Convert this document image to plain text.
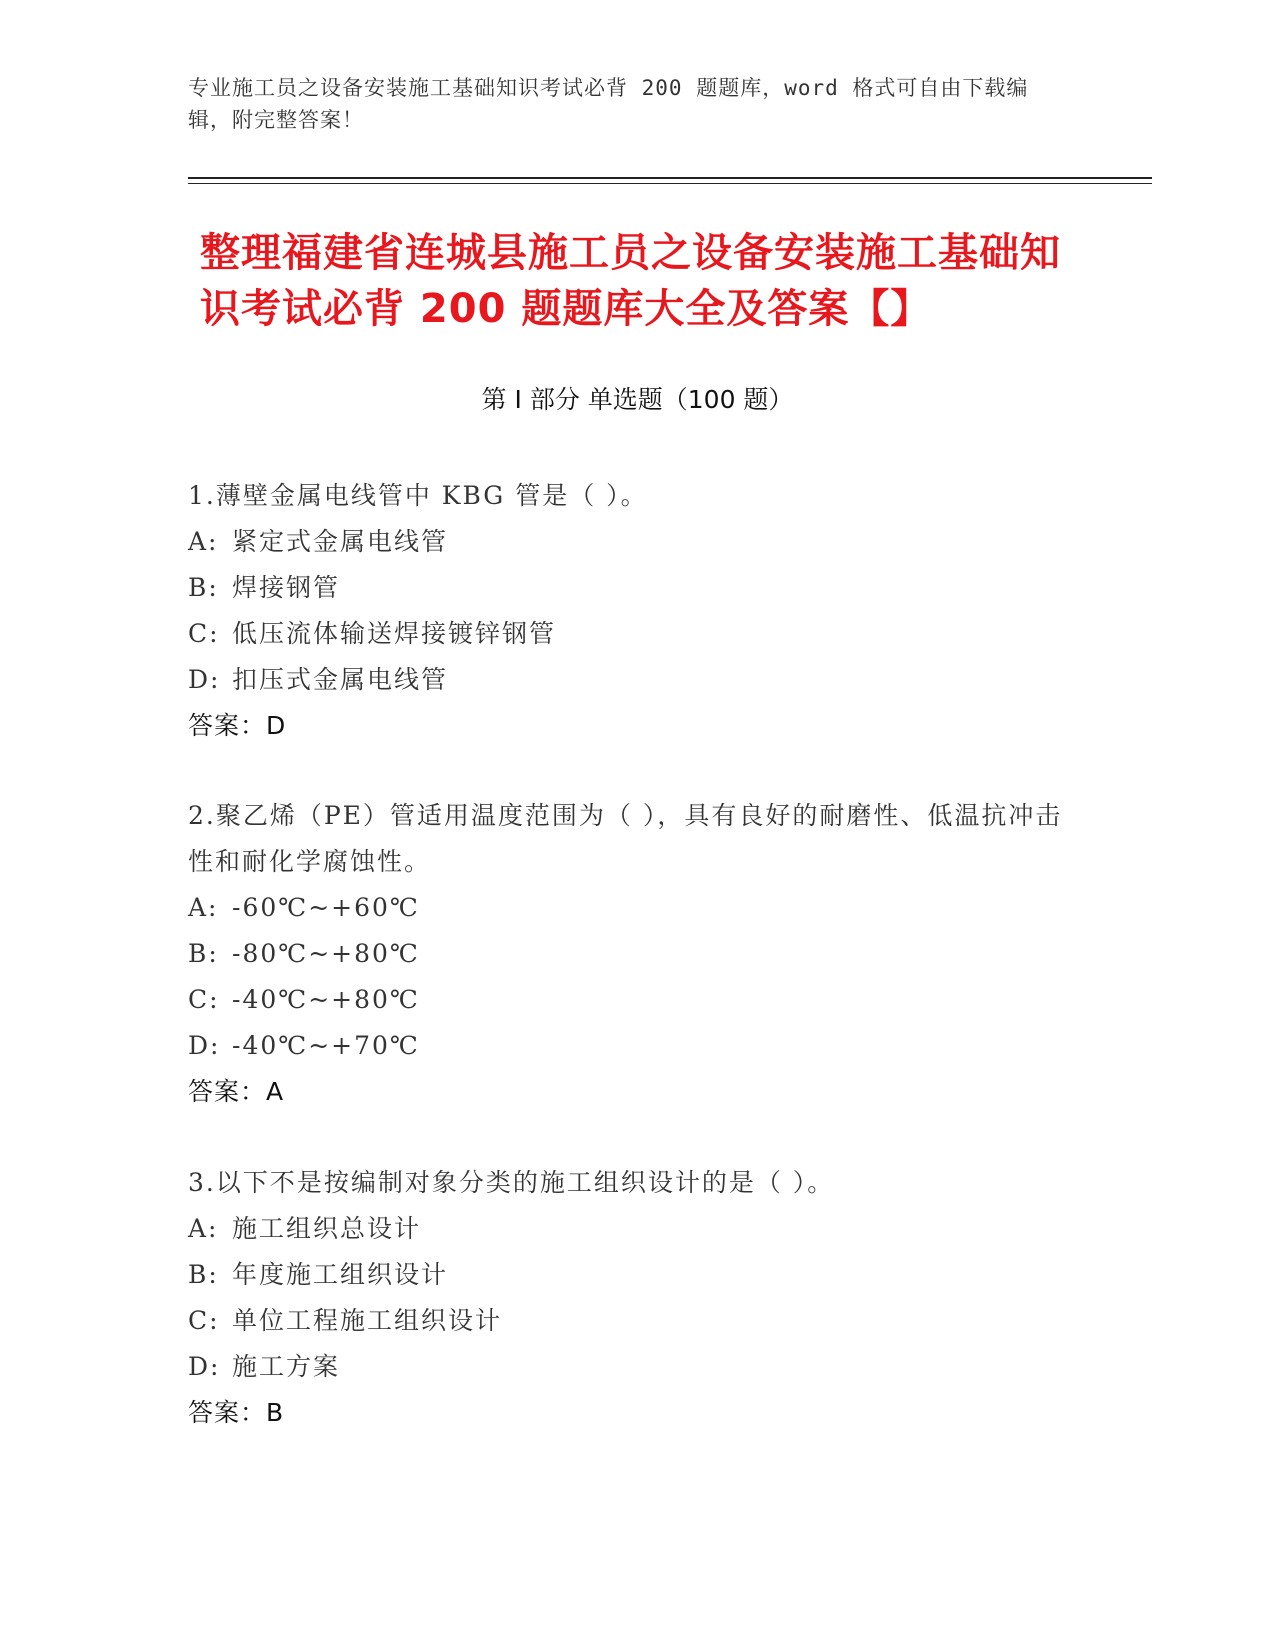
专业施工员之设备安装施工基础知识考试必背 200 题题库，word 格式可自由下载编辑，附完整答案！
整理福建省连城县施工员之设备安装施工基础知识考试必背 200 题题库大全及答案【】
第 I 部分 单选题（100 题）
1.薄壁金属电线管中 KBG 管是（ ）。
A: 紧定式金属电线管
B: 焊接钢管
C: 低压流体输送焊接镀锌钢管
D: 扣压式金属电线管
答案：D
2.聚乙烯（PE）管适用温度范围为（ ），具有良好的耐磨性、低温抗冲击性和耐化学腐蚀性。
A: -60℃~+60℃
B: -80℃~+80℃
C: -40℃~+80℃
D: -40℃~+70℃
答案：A
3.以下不是按编制对象分类的施工组织设计的是（ ）。
A: 施工组织总设计
B: 年度施工组织设计
C: 单位工程施工组织设计
D: 施工方案
答案：B
